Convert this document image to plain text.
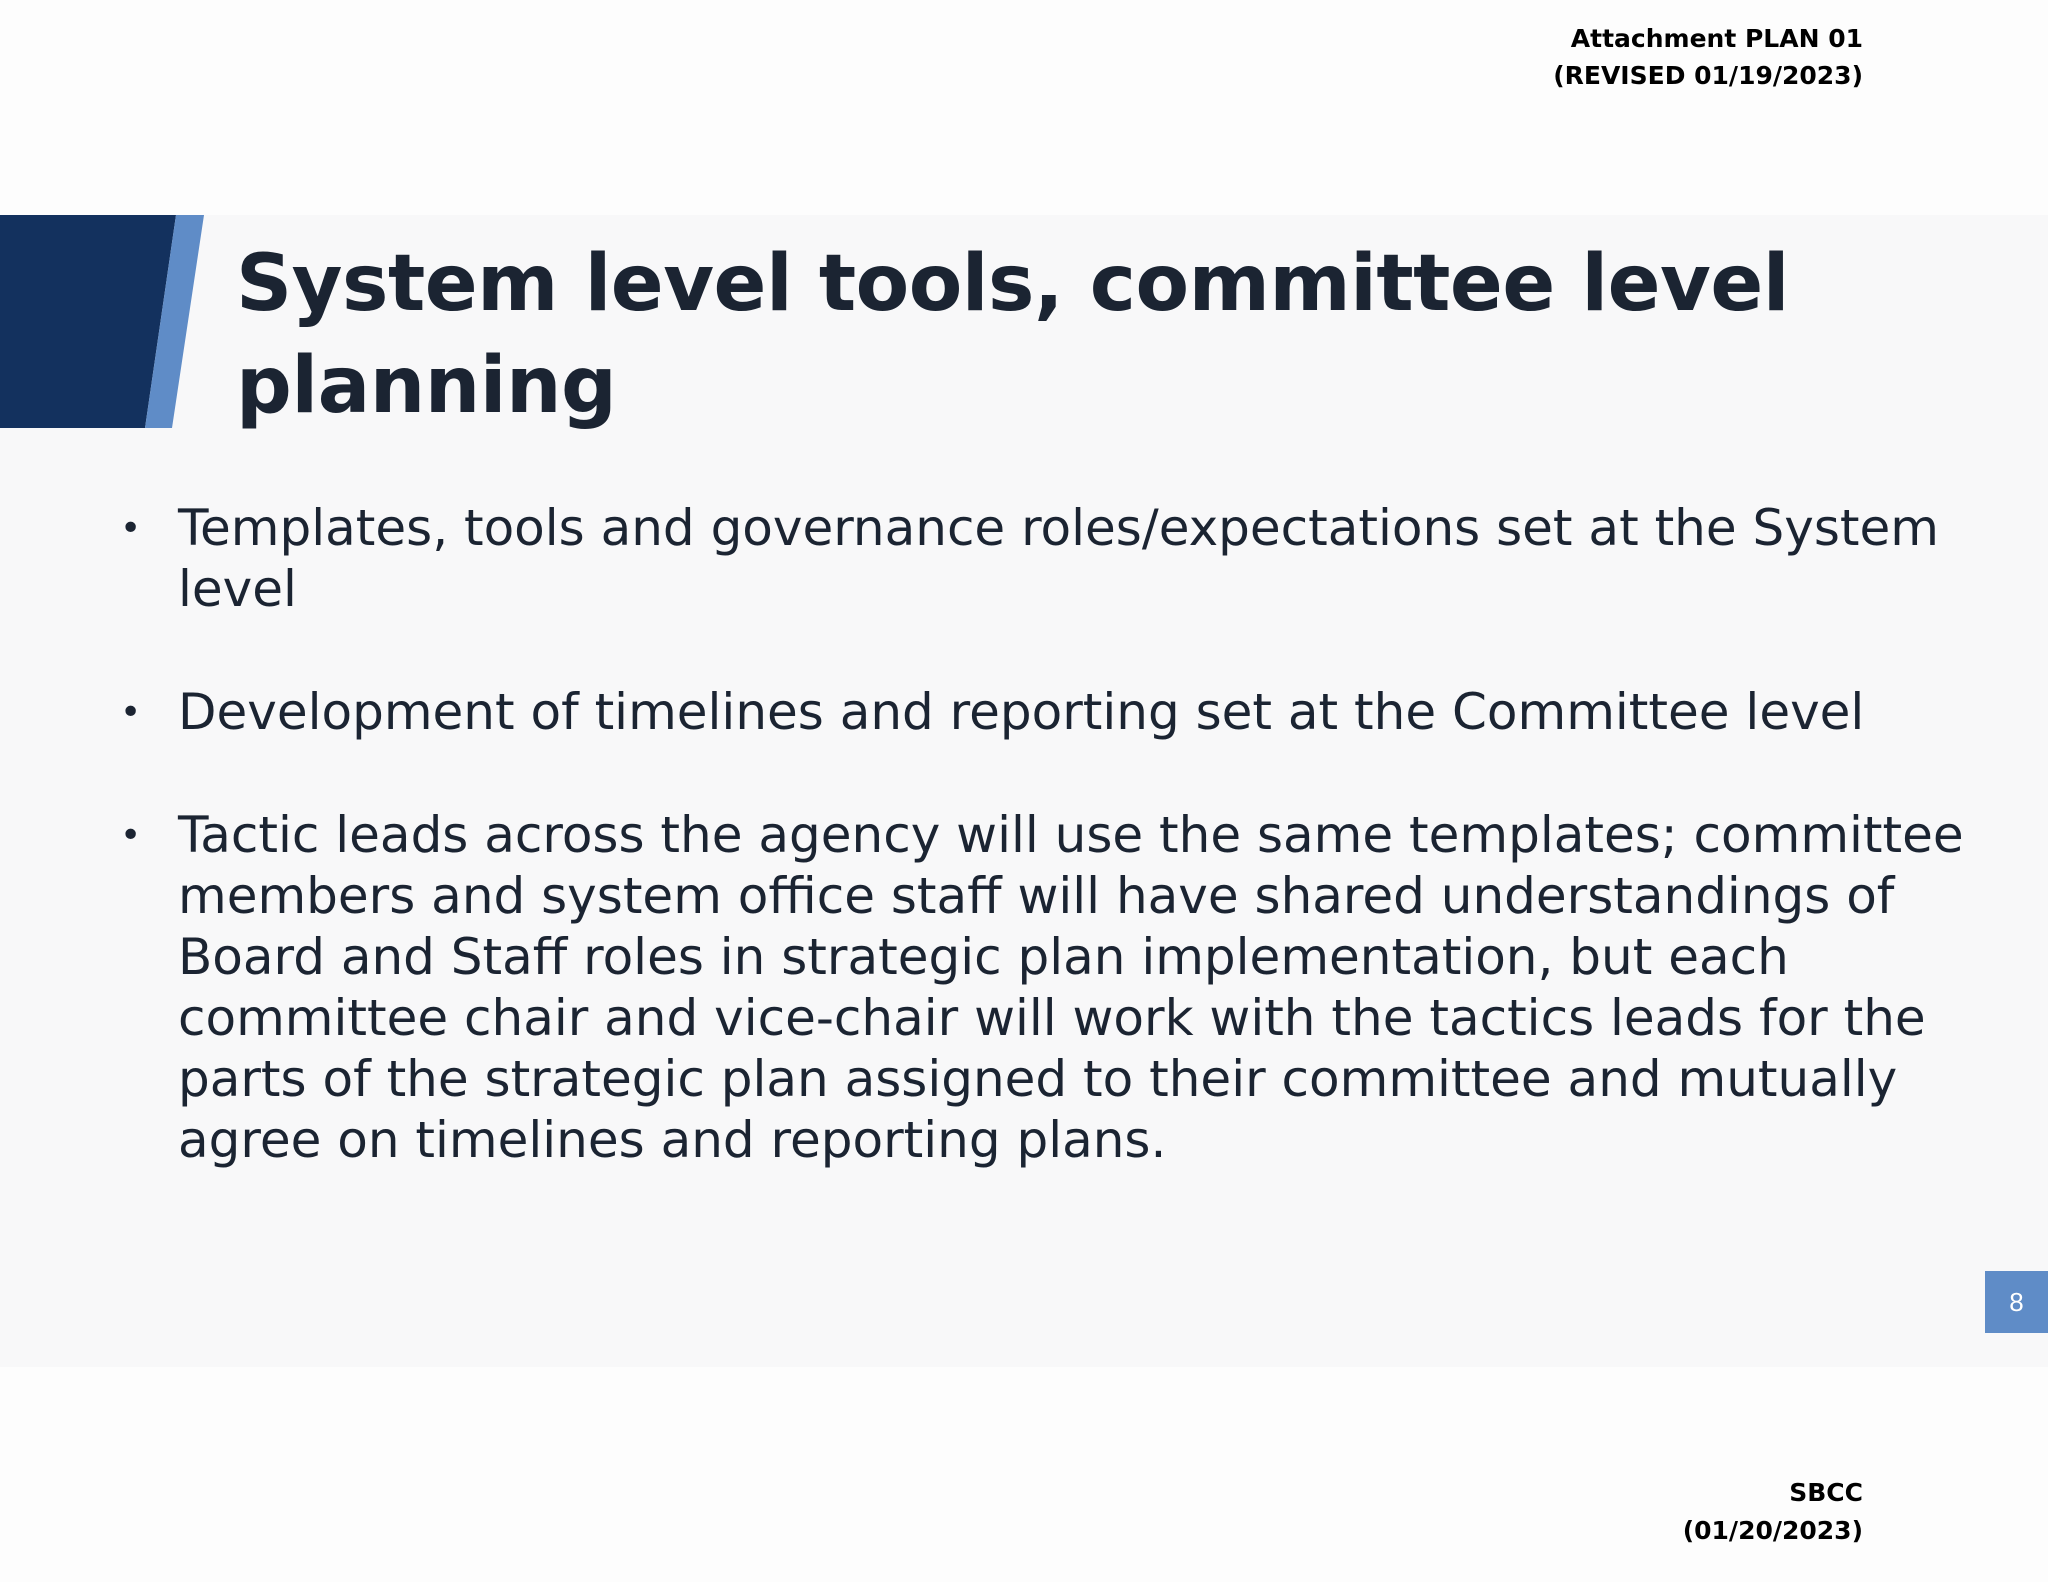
Attachment PLAN 01
(REVISED 01/19/2023)
System level tools, committee level
planning
• Templates, tools and governance roles/expectations set at the System level
• Development of timelines and reporting set at the Committee level
• Tactic leads across the agency will use the same templates; committee members and system office staff will have shared understandings of Board and Staff roles in strategic plan implementation, but each committee chair and vice-chair will work with the tactics leads for the parts of the strategic plan assigned to their committee and mutually agree on timelines and reporting plans.
8
SBCC
(01/20/2023)
